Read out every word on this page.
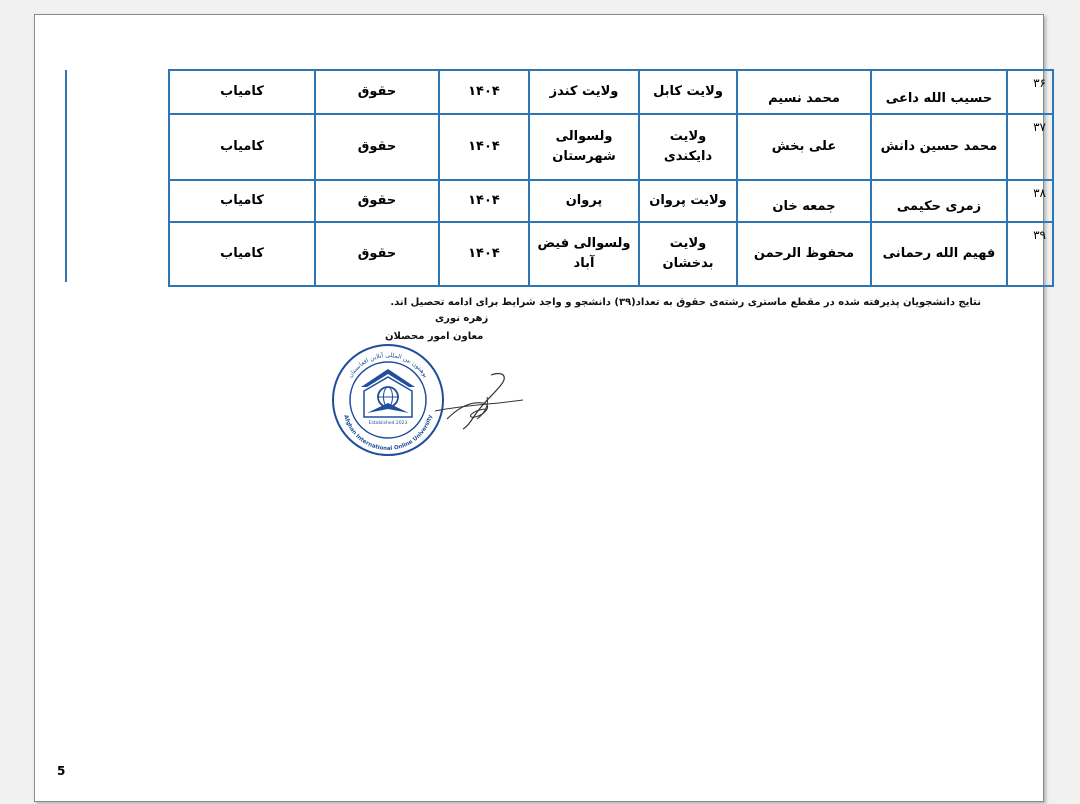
۳۶	حسیب الله داعی	محمد نسیم	ولایت کابل	ولایت کندز	۱۴۰۴	حقوق	کامیاب
۳۷	محمد حسین دانش	علی بخش	ولایت دایکندی	ولسوالی شهرستان	۱۴۰۴	حقوق	کامیاب
۳۸	زمری حکیمی	جمعه خان	ولایت پروان	پروان	۱۴۰۴	حقوق	کامیاب
۳۹	فهیم الله رحمانی	محفوظ الرحمن	ولایت بدخشان	ولسوالی فیض آباد	۱۴۰۴	حقوق	کامیاب
نتایج دانشجویان پذیرفته شده در مقطع ماستری رشته‌ی حقوق به تعداد(۳۹) دانشجو و واجد شرایط برای ادامه تحصیل اند.
زهره نوری
معاون امور محصلان
پوهنتون بین المللی آنلاین افغانستان
Afghan International Online University
Established 2023
5
